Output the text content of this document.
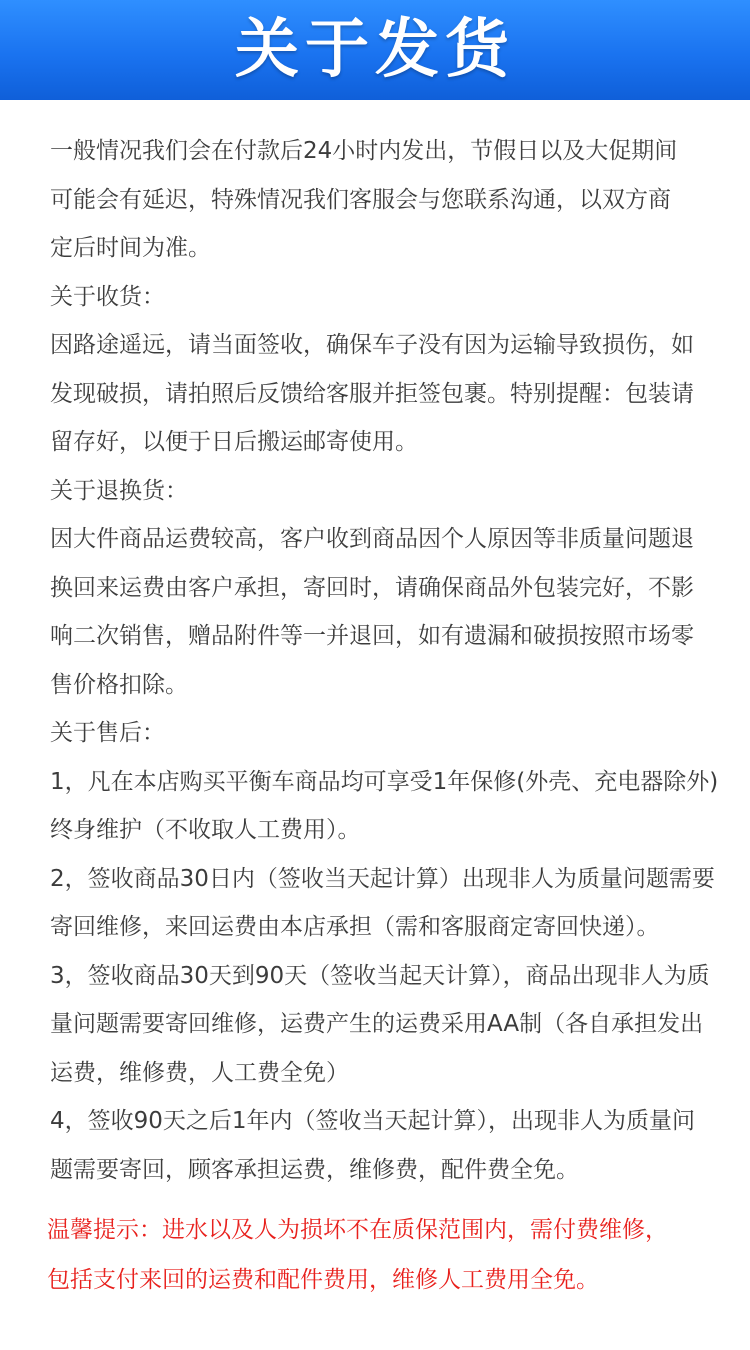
关于发货
一般情况我们会在付款后24小时内发出，节假日以及大促期间
可能会有延迟，特殊情况我们客服会与您联系沟通，以双方商
定后时间为准。
关于收货：
因路途遥远，请当面签收，确保车子没有因为运输导致损伤，如
发现破损，请拍照后反馈给客服并拒签包裹。特别提醒：包装请
留存好，以便于日后搬运邮寄使用。
关于退换货：
因大件商品运费较高，客户收到商品因个人原因等非质量问题退
换回来运费由客户承担，寄回时，请确保商品外包装完好，不影
响二次销售，赠品附件等一并退回，如有遗漏和破损按照市场零
售价格扣除。
关于售后：
1，凡在本店购买平衡车商品均可享受1年保修(外壳、充电器除外)
终身维护（不收取人工费用）。
2，签收商品30日内（签收当天起计算）出现非人为质量问题需要
寄回维修，来回运费由本店承担（需和客服商定寄回快递）。
3，签收商品30天到90天（签收当起天计算），商品出现非人为质
量问题需要寄回维修，运费产生的运费采用AA制（各自承担发出
运费，维修费，人工费全免）
4，签收90天之后1年内（签收当天起计算），出现非人为质量问
题需要寄回，顾客承担运费，维修费，配件费全免。
温馨提示：进水以及人为损坏不在质保范围内，需付费维修，
包括支付来回的运费和配件费用，维修人工费用全免。
